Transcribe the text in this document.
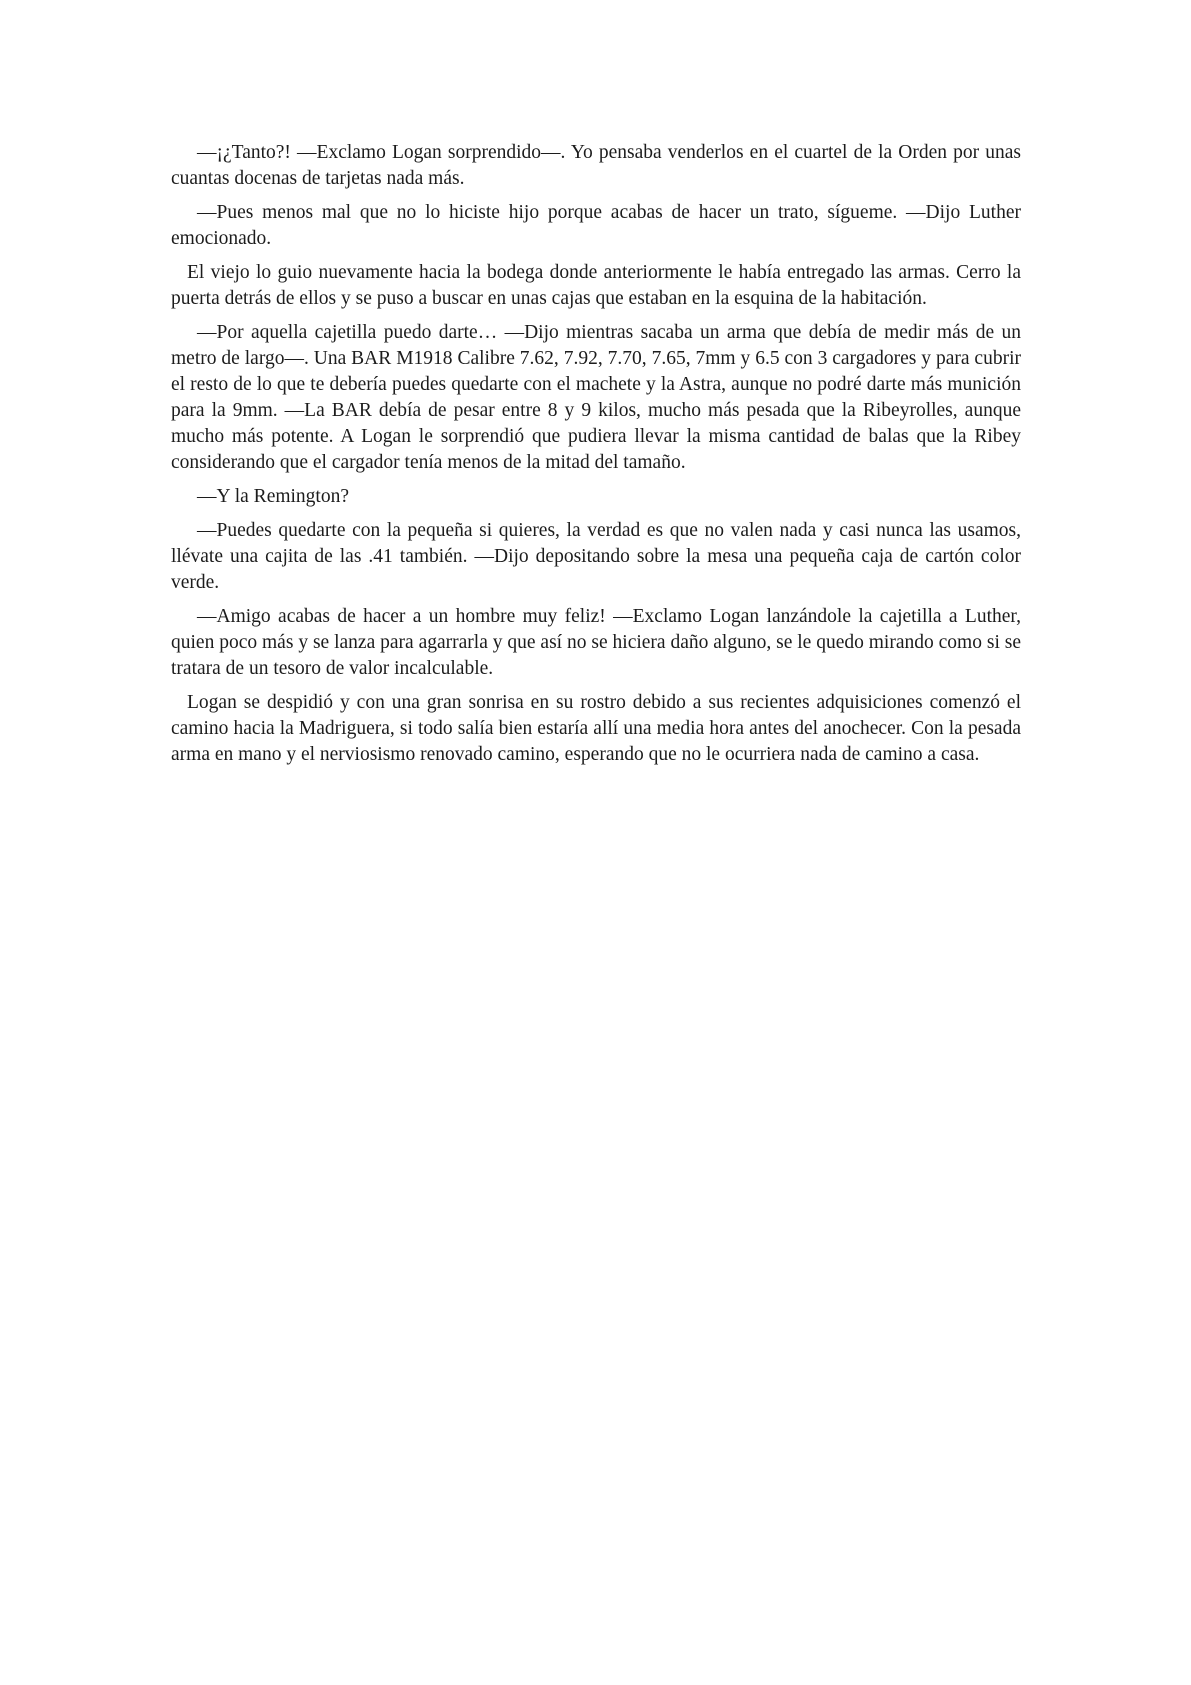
—¡¿Tanto?! —Exclamo Logan sorprendido—. Yo pensaba venderlos en el cuartel de la Orden por unas cuantas docenas de tarjetas nada más.

—Pues menos mal que no lo hiciste hijo porque acabas de hacer un trato, sígueme. —Dijo Luther emocionado.

El viejo lo guio nuevamente hacia la bodega donde anteriormente le había entregado las armas. Cerro la puerta detrás de ellos y se puso a buscar en unas cajas que estaban en la esquina de la habitación.

—Por aquella cajetilla puedo darte… —Dijo mientras sacaba un arma que debía de medir más de un metro de largo—. Una BAR M1918 Calibre 7.62, 7.92, 7.70, 7.65, 7mm y 6.5 con 3 cargadores y para cubrir el resto de lo que te debería puedes quedarte con el machete y la Astra, aunque no podré darte más munición para la 9mm. —La BAR debía de pesar entre 8 y 9 kilos, mucho más pesada que la Ribeyrolles, aunque mucho más potente. A Logan le sorprendió que pudiera llevar la misma cantidad de balas que la Ribey considerando que el cargador tenía menos de la mitad del tamaño.

—Y la Remington?

—Puedes quedarte con la pequeña si quieres, la verdad es que no valen nada y casi nunca las usamos, llévate una cajita de las .41 también. —Dijo depositando sobre la mesa una pequeña caja de cartón color verde.

—Amigo acabas de hacer a un hombre muy feliz! —Exclamo Logan lanzándole la cajetilla a Luther, quien poco más y se lanza para agarrarla y que así no se hiciera daño alguno, se le quedo mirando como si se tratara de un tesoro de valor incalculable.

Logan se despidió y con una gran sonrisa en su rostro debido a sus recientes adquisiciones comenzó el camino hacia la Madriguera, si todo salía bien estaría allí una media hora antes del anochecer. Con la pesada arma en mano y el nerviosismo renovado camino, esperando que no le ocurriera nada de camino a casa.
